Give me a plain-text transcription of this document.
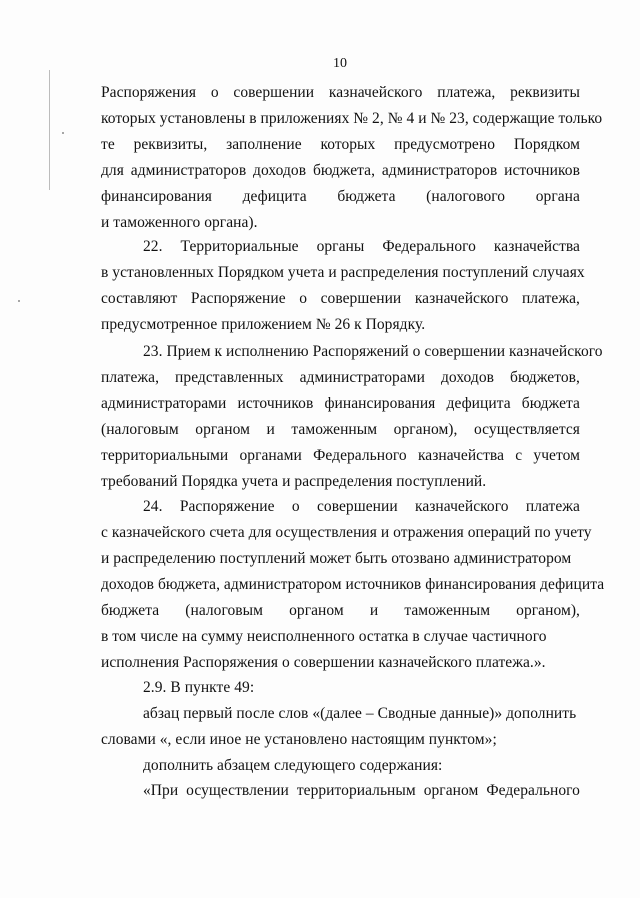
10
Распоряжения о совершении казначейского платежа, реквизиты
которых установлены в приложениях № 2, № 4 и № 23, содержащие только
те реквизиты, заполнение которых предусмотрено Порядком
для администраторов доходов бюджета, администраторов источников
финансирования дефицита бюджета (налогового органа
и таможенного органа).
22. Территориальные органы Федерального казначейства
в установленных Порядком учета и распределения поступлений случаях
составляют Распоряжение о совершении казначейского платежа,
предусмотренное приложением № 26 к Порядку.
23. Прием к исполнению Распоряжений о совершении казначейского
платежа, представленных администраторами доходов бюджетов,
администраторами источников финансирования дефицита бюджета
(налоговым органом и таможенным органом), осуществляется
территориальными органами Федерального казначейства с учетом
требований Порядка учета и распределения поступлений.
24. Распоряжение о совершении казначейского платежа
с казначейского счета для осуществления и отражения операций по учету
и распределению поступлений может быть отозвано администратором
доходов бюджета, администратором источников финансирования дефицита
бюджета (налоговым органом и таможенным органом),
в том числе на сумму неисполненного остатка в случае частичного
исполнения Распоряжения о совершении казначейского платежа.».
2.9. В пункте 49:
абзац первый после слов «(далее – Сводные данные)» дополнить
словами «, если иное не установлено настоящим пунктом»;
дополнить абзацем следующего содержания:
«При осуществлении территориальным органом Федерального
